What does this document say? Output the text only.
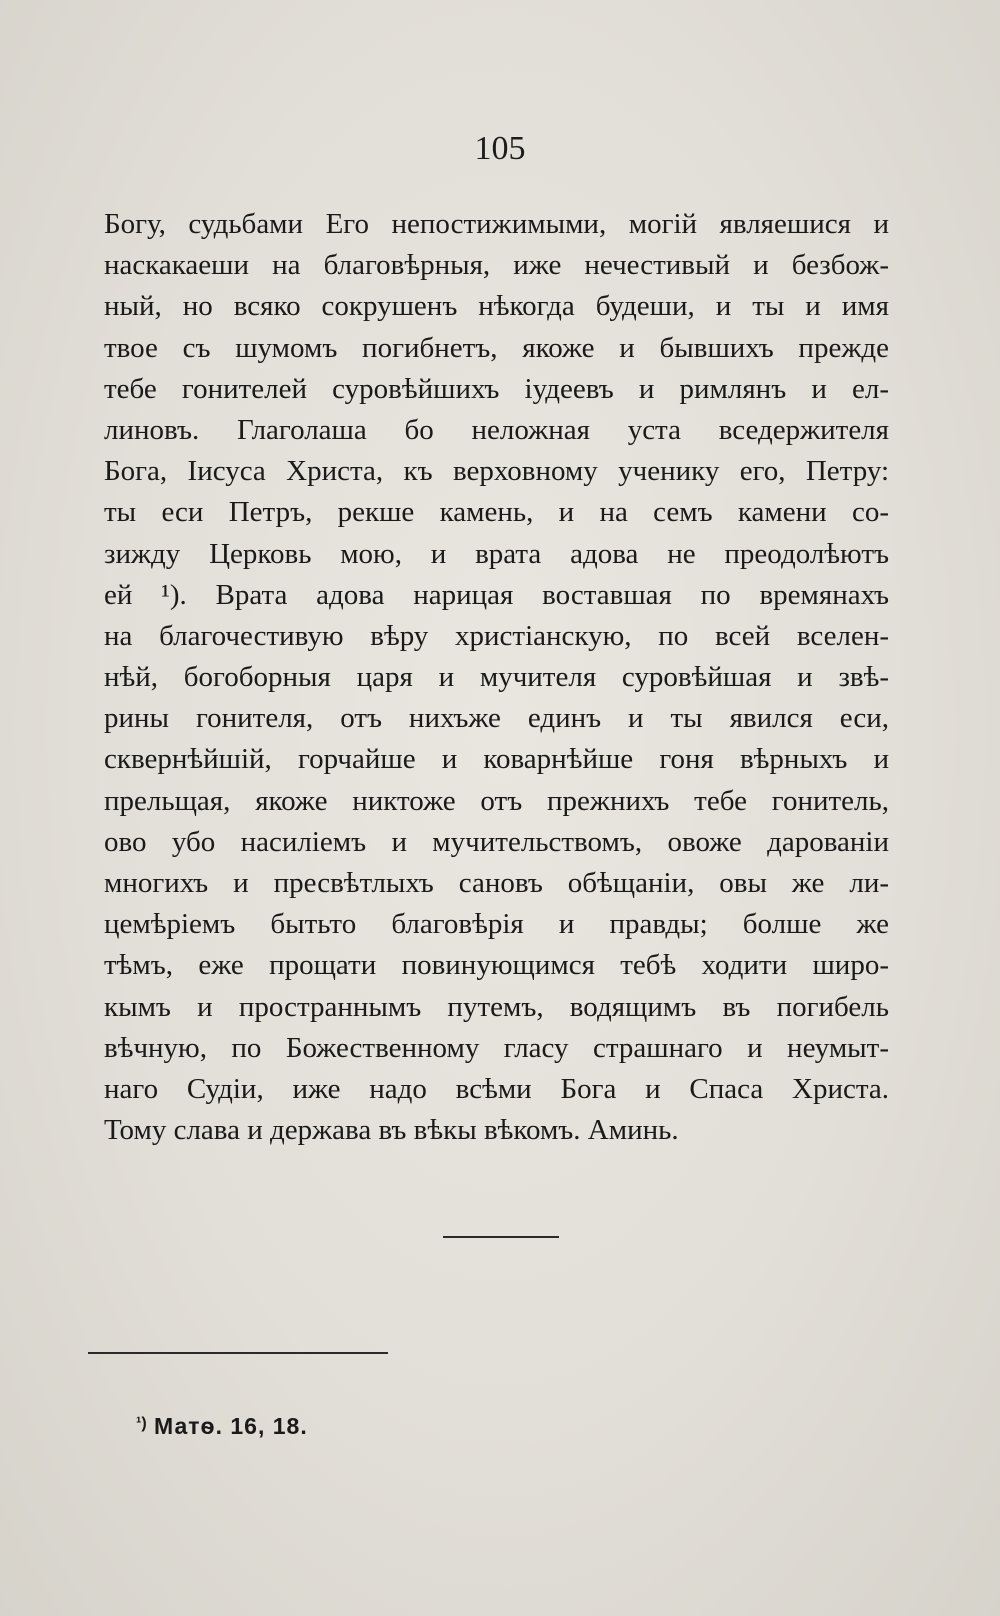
105

Богу, судьбами Его непостижимыми, могій являешися и
наскакаеши на благовѣрныя, иже нечестивый и безбож-
ный, но всяко сокрушенъ нѣкогда будеши, и ты и имя
твое съ шумомъ погибнетъ, якоже и бывшихъ прежде
тебе гонителей суровѣйшихъ іудеевъ и римлянъ и ел-
линовъ. Глаголаша бо неложная уста вседержителя
Бога, Іисуса Христа, къ верховному ученику его, Петру:
ты еси Петръ, рекше камень, и на семъ камени со-
зижду Церковь мою, и врата адова не преодолѣютъ
ей ¹). Врата адова нарицая воставшая по времянахъ
на благочестивую вѣру христіанскую, по всей вселен-
нѣй, богоборныя царя и мучителя суровѣйшая и звѣ-
рины гонителя, отъ нихъже единъ и ты явился еси,
сквернѣйшій, горчайше и коварнѣйше гоня вѣрныхъ и
прельщая, якоже никтоже отъ прежнихъ тебе гонитель,
ово убо насиліемъ и мучительствомъ, овоже дарованіи
многихъ и пресвѣтлыхъ сановъ обѣщаніи, овы же ли-
цемѣріемъ бытьто благовѣрія и правды; болше же
тѣмъ, еже прощати повинующимся тебѣ ходити широ-
кымъ и пространнымъ путемъ, водящимъ въ погибель
вѣчную, по Божественному гласу страшнаго и неумыт-
наго Судіи, иже надо всѣми Бога и Спаса Христа.
Тому слава и держава въ вѣкы вѣкомъ. Аминь.
$^{^1)}$ Матѳ. 16, 18.
